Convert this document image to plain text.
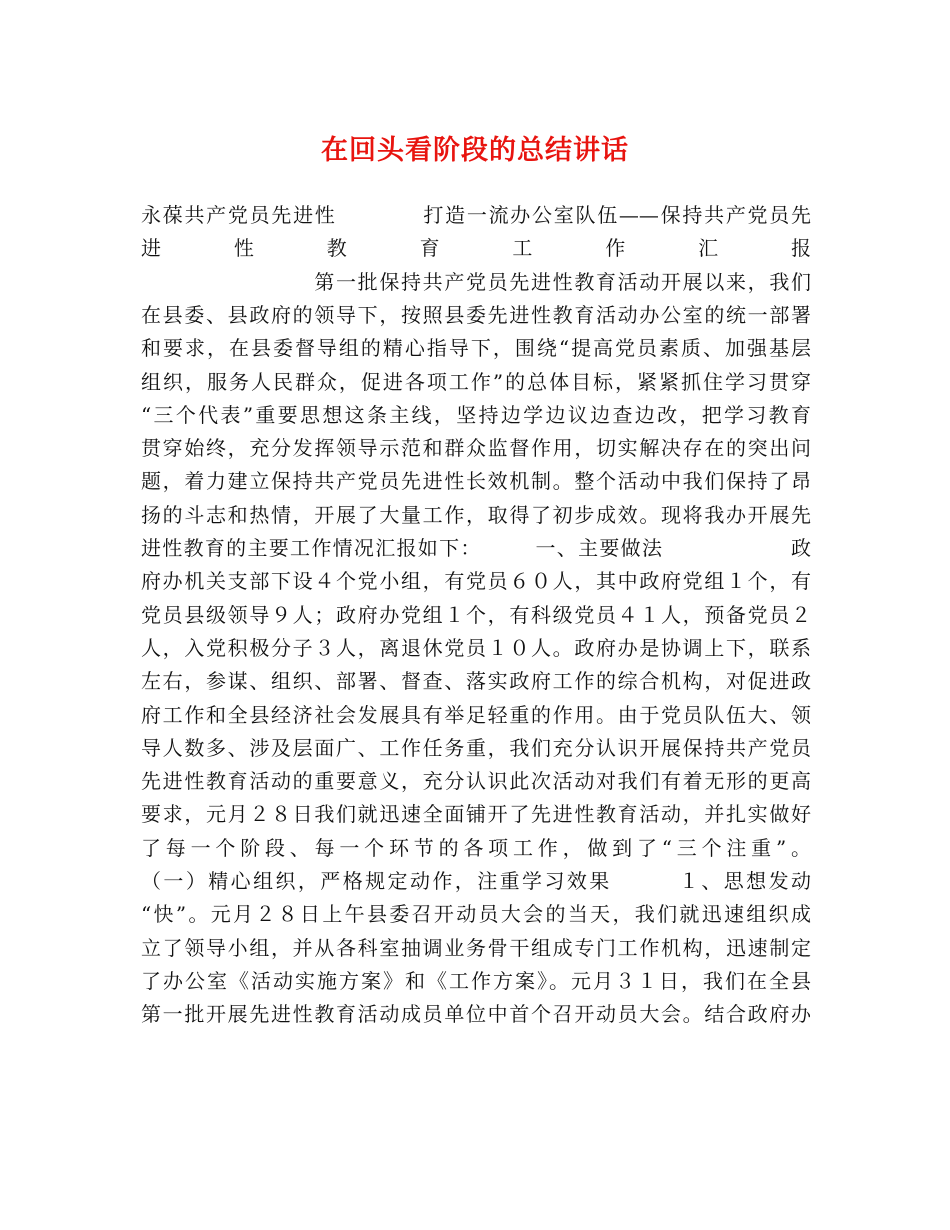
在回头看阶段的总结讲话
永葆共产党员先进性　　　　打造一流办公室队伍——保持共产党员先
进性教育工作汇报
　　　　　　　　第一批保持共产党员先进性教育活动开展以来，我们
在县委、县政府的领导下，按照县委先进性教育活动办公室的统一部署
和要求，在县委督导组的精心指导下，围绕“提高党员素质、加强基层
组织，服务人民群众，促进各项工作”的总体目标，紧紧抓住学习贯穿
“三个代表”重要思想这条主线，坚持边学边议边查边改，把学习教育
贯穿始终，充分发挥领导示范和群众监督作用，切实解决存在的突出问
题，着力建立保持共产党员先进性长效机制。整个活动中我们保持了昂
扬的斗志和热情，开展了大量工作，取得了初步成效。现将我办开展先
进性教育的主要工作情况汇报如下：　　　一、主要做法　　　　　　政
府办机关支部下设４个党小组，有党员６０人，其中政府党组１个，有
党员县级领导９人；政府办党组１个，有科级党员４１人，预备党员２
人，入党积极分子３人，离退休党员１０人。政府办是协调上下，联系
左右，参谋、组织、部署、督查、落实政府工作的综合机构，对促进政
府工作和全县经济社会发展具有举足轻重的作用。由于党员队伍大、领
导人数多、涉及层面广、工作任务重，我们充分认识开展保持共产党员
先进性教育活动的重要意义，充分认识此次活动对我们有着无形的更高
要求，元月２８日我们就迅速全面铺开了先进性教育活动，并扎实做好
了每一个阶段、每一个环节的各项工作，做到了“三个注重”。
（一）精心组织，严格规定动作，注重学习效果　　　１、思想发动
“快”。元月２８日上午县委召开动员大会的当天，我们就迅速组织成
立了领导小组，并从各科室抽调业务骨干组成专门工作机构，迅速制定
了办公室《活动实施方案》和《工作方案》。元月３１日，我们在全县
第一批开展先进性教育活动成员单位中首个召开动员大会。结合政府办
